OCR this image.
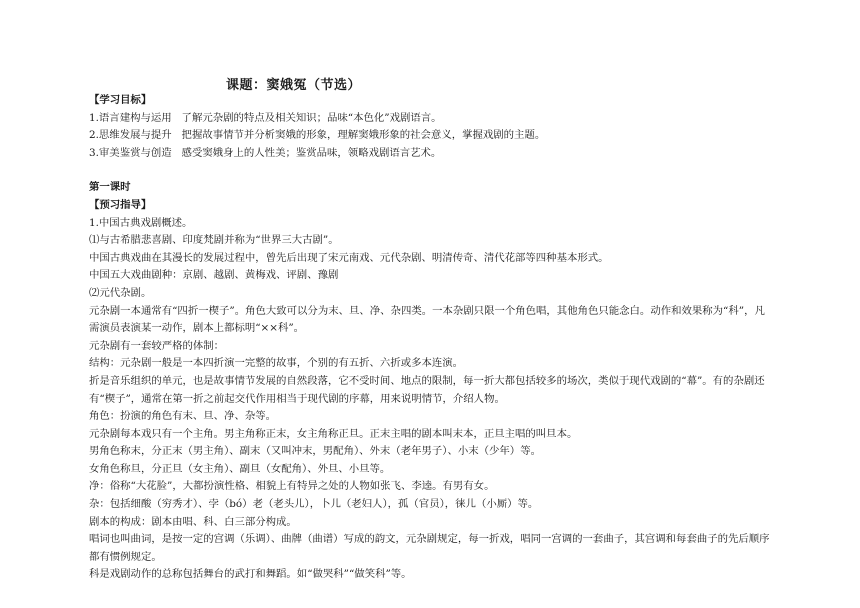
课题：窦娥冤（节选）
【学习目标】
1.语言建构与运用   了解元杂剧的特点及相关知识；品味“本色化”戏剧语言。
2.思维发展与提升   把握故事情节并分析窦娥的形象，理解窦娥形象的社会意义，掌握戏剧的主题。
3.审美鉴赏与创造   感受窦娥身上的人性美；鉴赏品味，领略戏剧语言艺术。
第一课时
【预习指导】
1.中国古典戏剧概述。
⑴与古希腊悲喜剧、印度梵剧并称为“世界三大古剧”。
中国古典戏曲在其漫长的发展过程中，曾先后出现了宋元南戏、元代杂剧、明清传奇、清代花部等四种基本形式。
中国五大戏曲剧种：京剧、越剧、黄梅戏、评剧、豫剧
⑵元代杂剧。
元杂剧一本通常有“四折一楔子”。角色大致可以分为末、旦、净、杂四类。一本杂剧只限一个角色唱，其他角色只能念白。动作和效果称为“科”，凡需演员表演某一动作，剧本上都标明“××科”。
元杂剧有一套较严格的体制：
结构：元杂剧一般是一本四折演一完整的故事，个别的有五折、六折或多本连演。
折是音乐组织的单元，也是故事情节发展的自然段落，它不受时间、地点的限制，每一折大都包括较多的场次，类似于现代戏剧的“幕”。有的杂剧还有“楔子”，通常在第一折之前起交代作用相当于现代剧的序幕，用来说明情节，介绍人物。
角色：扮演的角色有末、旦、净、杂等。
元杂剧每本戏只有一个主角。男主角称正末，女主角称正旦。正末主唱的剧本叫末本，正旦主唱的叫旦本。
男角色称末，分正末（男主角）、副末（又叫冲末，男配角）、外末（老年男子）、小末（少年）等。
女角色称旦，分正旦（女主角）、副旦（女配角）、外旦、小旦等。
净：俗称“大花脸”，大都扮演性格、相貌上有特异之处的人物如张飞、李逵。有男有女。
杂：包括细酸（穷秀才）、孛（bó）老（老头儿），卜儿（老妇人），孤（官员），徕儿（小厮）等。
剧本的构成：剧本由唱、科、白三部分构成。
唱词也叫曲词，是按一定的宫调（乐调）、曲牌（曲谱）写成的韵文，元杂剧规定，每一折戏，唱同一宫调的一套曲子，其宫调和每套曲子的先后顺序都有惯例规定。
科是戏剧动作的总称包括舞台的武打和舞蹈。如“做哭科”“做笑科”等。
